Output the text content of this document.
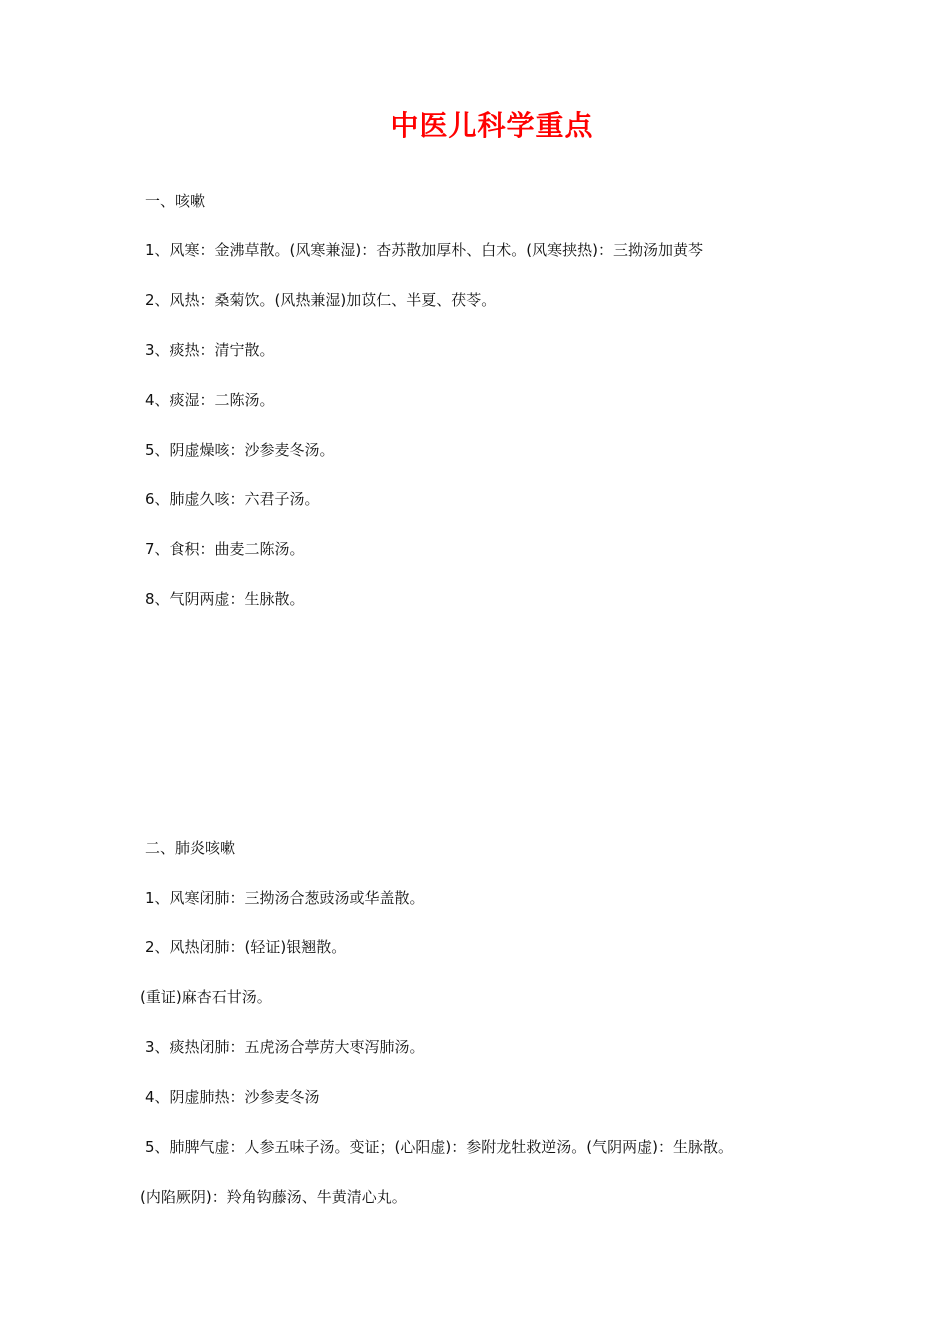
中医儿科学重点
一、咳嗽
1、风寒：金沸草散。(风寒兼湿)：杏苏散加厚朴、白术。(风寒挟热)：三拗汤加黄芩
2、风热：桑菊饮。(风热兼湿)加苡仁、半夏、茯苓。
3、痰热：清宁散。
4、痰湿：二陈汤。
5、阴虚燥咳：沙参麦冬汤。
6、肺虚久咳：六君子汤。
7、食积：曲麦二陈汤。
8、气阴两虚：生脉散。
二、肺炎咳嗽
1、风寒闭肺：三拗汤合葱豉汤或华盖散。
2、风热闭肺：(轻证)银翘散。
(重证)麻杏石甘汤。
3、痰热闭肺：五虎汤合葶苈大枣泻肺汤。
4、阴虚肺热：沙参麦冬汤
5、肺脾气虚：人参五味子汤。变证；(心阳虚)：参附龙牡救逆汤。(气阴两虚)：生脉散。
(内陷厥阴)：羚角钩藤汤、牛黄清心丸。
